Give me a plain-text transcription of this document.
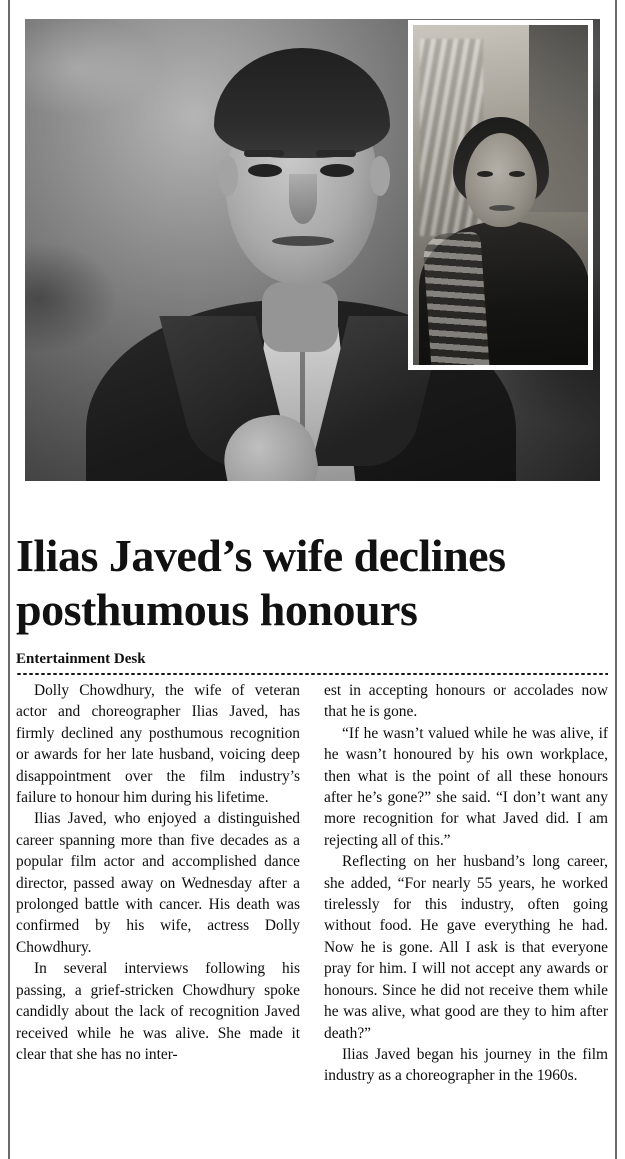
Ilias Javed’s wife declines posthumous honours
Entertainment Desk

Dolly Chowdhury, the wife of veteran actor and choreographer Ilias Javed, has firmly declined any posthumous recognition or awards for her late husband, voicing deep disappointment over the film industry’s failure to honour him during his lifetime.

Ilias Javed, who enjoyed a distinguished career spanning more than five decades as a popular film actor and accomplished dance director, passed away on Wednesday after a prolonged battle with cancer. His death was confirmed by his wife, actress Dolly Chowdhury.

In several interviews following his passing, a grief-stricken Chowdhury spoke candidly about the lack of recognition Javed received while he was alive. She made it clear that she has no inter-

est in accepting honours or accolades now that he is gone.

“If he wasn’t valued while he was alive, if he wasn’t honoured by his own workplace, then what is the point of all these honours after he’s gone?” she said. “I don’t want any more recognition for what Javed did. I am rejecting all of this.”

Reflecting on her husband’s long career, she added, “For nearly 55 years, he worked tirelessly for this industry, often going without food. He gave everything he had. Now he is gone. All I ask is that everyone pray for him. I will not accept any awards or honours. Since he did not receive them while he was alive, what good are they to him after death?”

Ilias Javed began his journey in the film industry as a choreographer in the 1960s.
